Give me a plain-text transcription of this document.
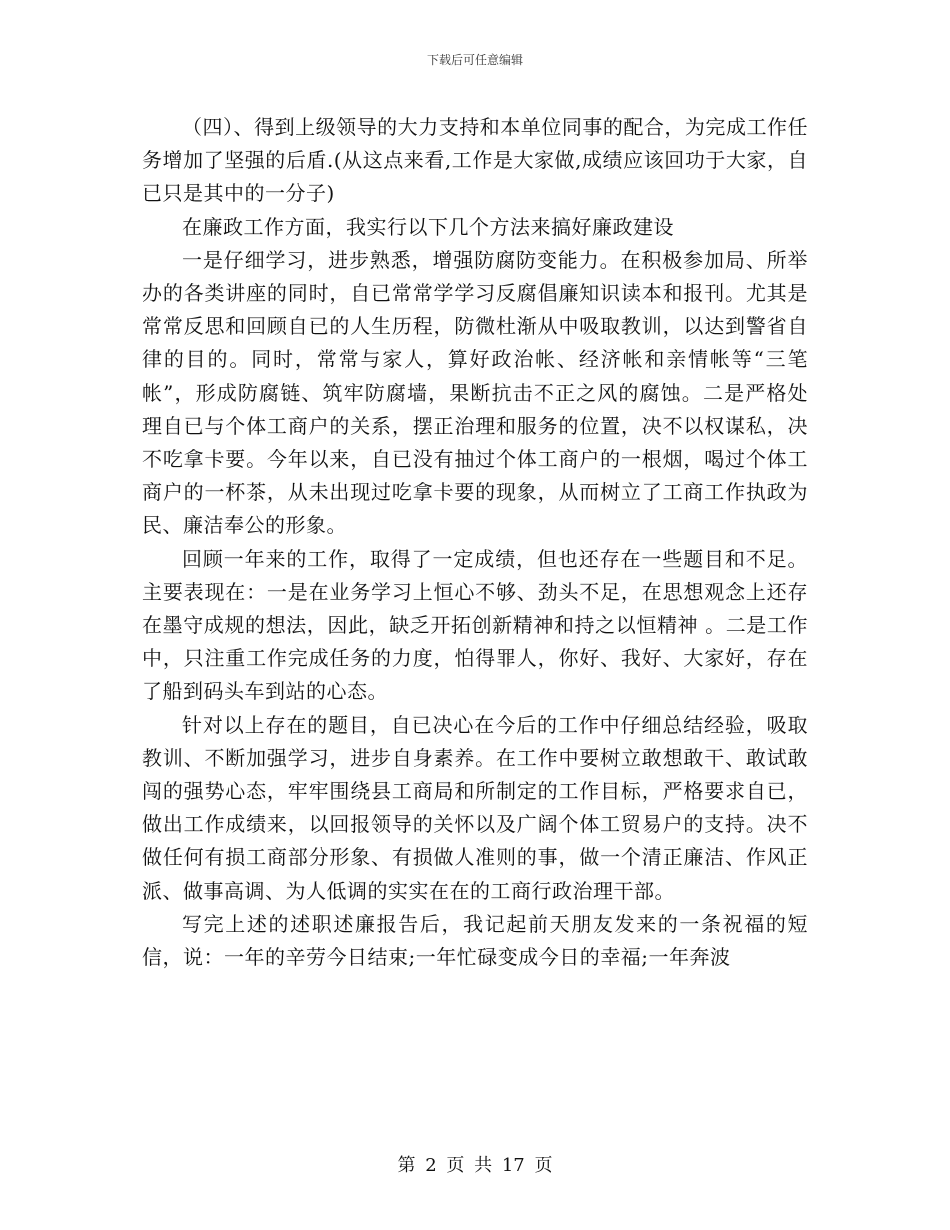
下载后可任意编辑

（四）、得到上级领导的大力支持和本单位同事的配合，为完成工作任务增加了坚强的后盾.(从这点来看,工作是大家做,成绩应该回功于大家，自已只是其中的一分子)

在廉政工作方面，我实行以下几个方法来搞好廉政建设

一是仔细学习，进步熟悉，增强防腐防变能力。在积极参加局、所举办的各类讲座的同时，自已常常学学习反腐倡廉知识读本和报刊。尤其是常常反思和回顾自已的人生历程，防微杜渐从中吸取教训，以达到警省自律的目的。同时，常常与家人，算好政治帐、经济帐和亲情帐等“三笔帐”，形成防腐链、筑牢防腐墙，果断抗击不正之风的腐蚀。二是严格处理自已与个体工商户的关系，摆正治理和服务的位置，决不以权谋私，决不吃拿卡要。今年以来，自已没有抽过个体工商户的一根烟，喝过个体工商户的一杯茶，从未出现过吃拿卡要的现象，从而树立了工商工作执政为民、廉洁奉公的形象。

回顾一年来的工作，取得了一定成绩，但也还存在一些题目和不足。主要表现在：一是在业务学习上恒心不够、劲头不足，在思想观念上还存在墨守成规的想法，因此，缺乏开拓创新精神和持之以恒精神 。二是工作中，只注重工作完成任务的力度，怕得罪人，你好、我好、大家好，存在了船到码头车到站的心态。

针对以上存在的题目，自已决心在今后的工作中仔细总结经验，吸取教训、不断加强学习，进步自身素养。在工作中要树立敢想敢干、敢试敢闯的强势心态，牢牢围绕县工商局和所制定的工作目标，严格要求自已，做出工作成绩来，以回报领导的关怀以及广阔个体工贸易户的支持。决不做任何有损工商部分形象、有损做人准则的事，做一个清正廉洁、作风正派、做事高调、为人低调的实实在在的工商行政治理干部。

写完上述的述职述廉报告后，我记起前天朋友发来的一条祝福的短信，说：一年的辛劳今日结束;一年忙碌变成今日的幸福;一年奔波

第 2 页 共 17 页
